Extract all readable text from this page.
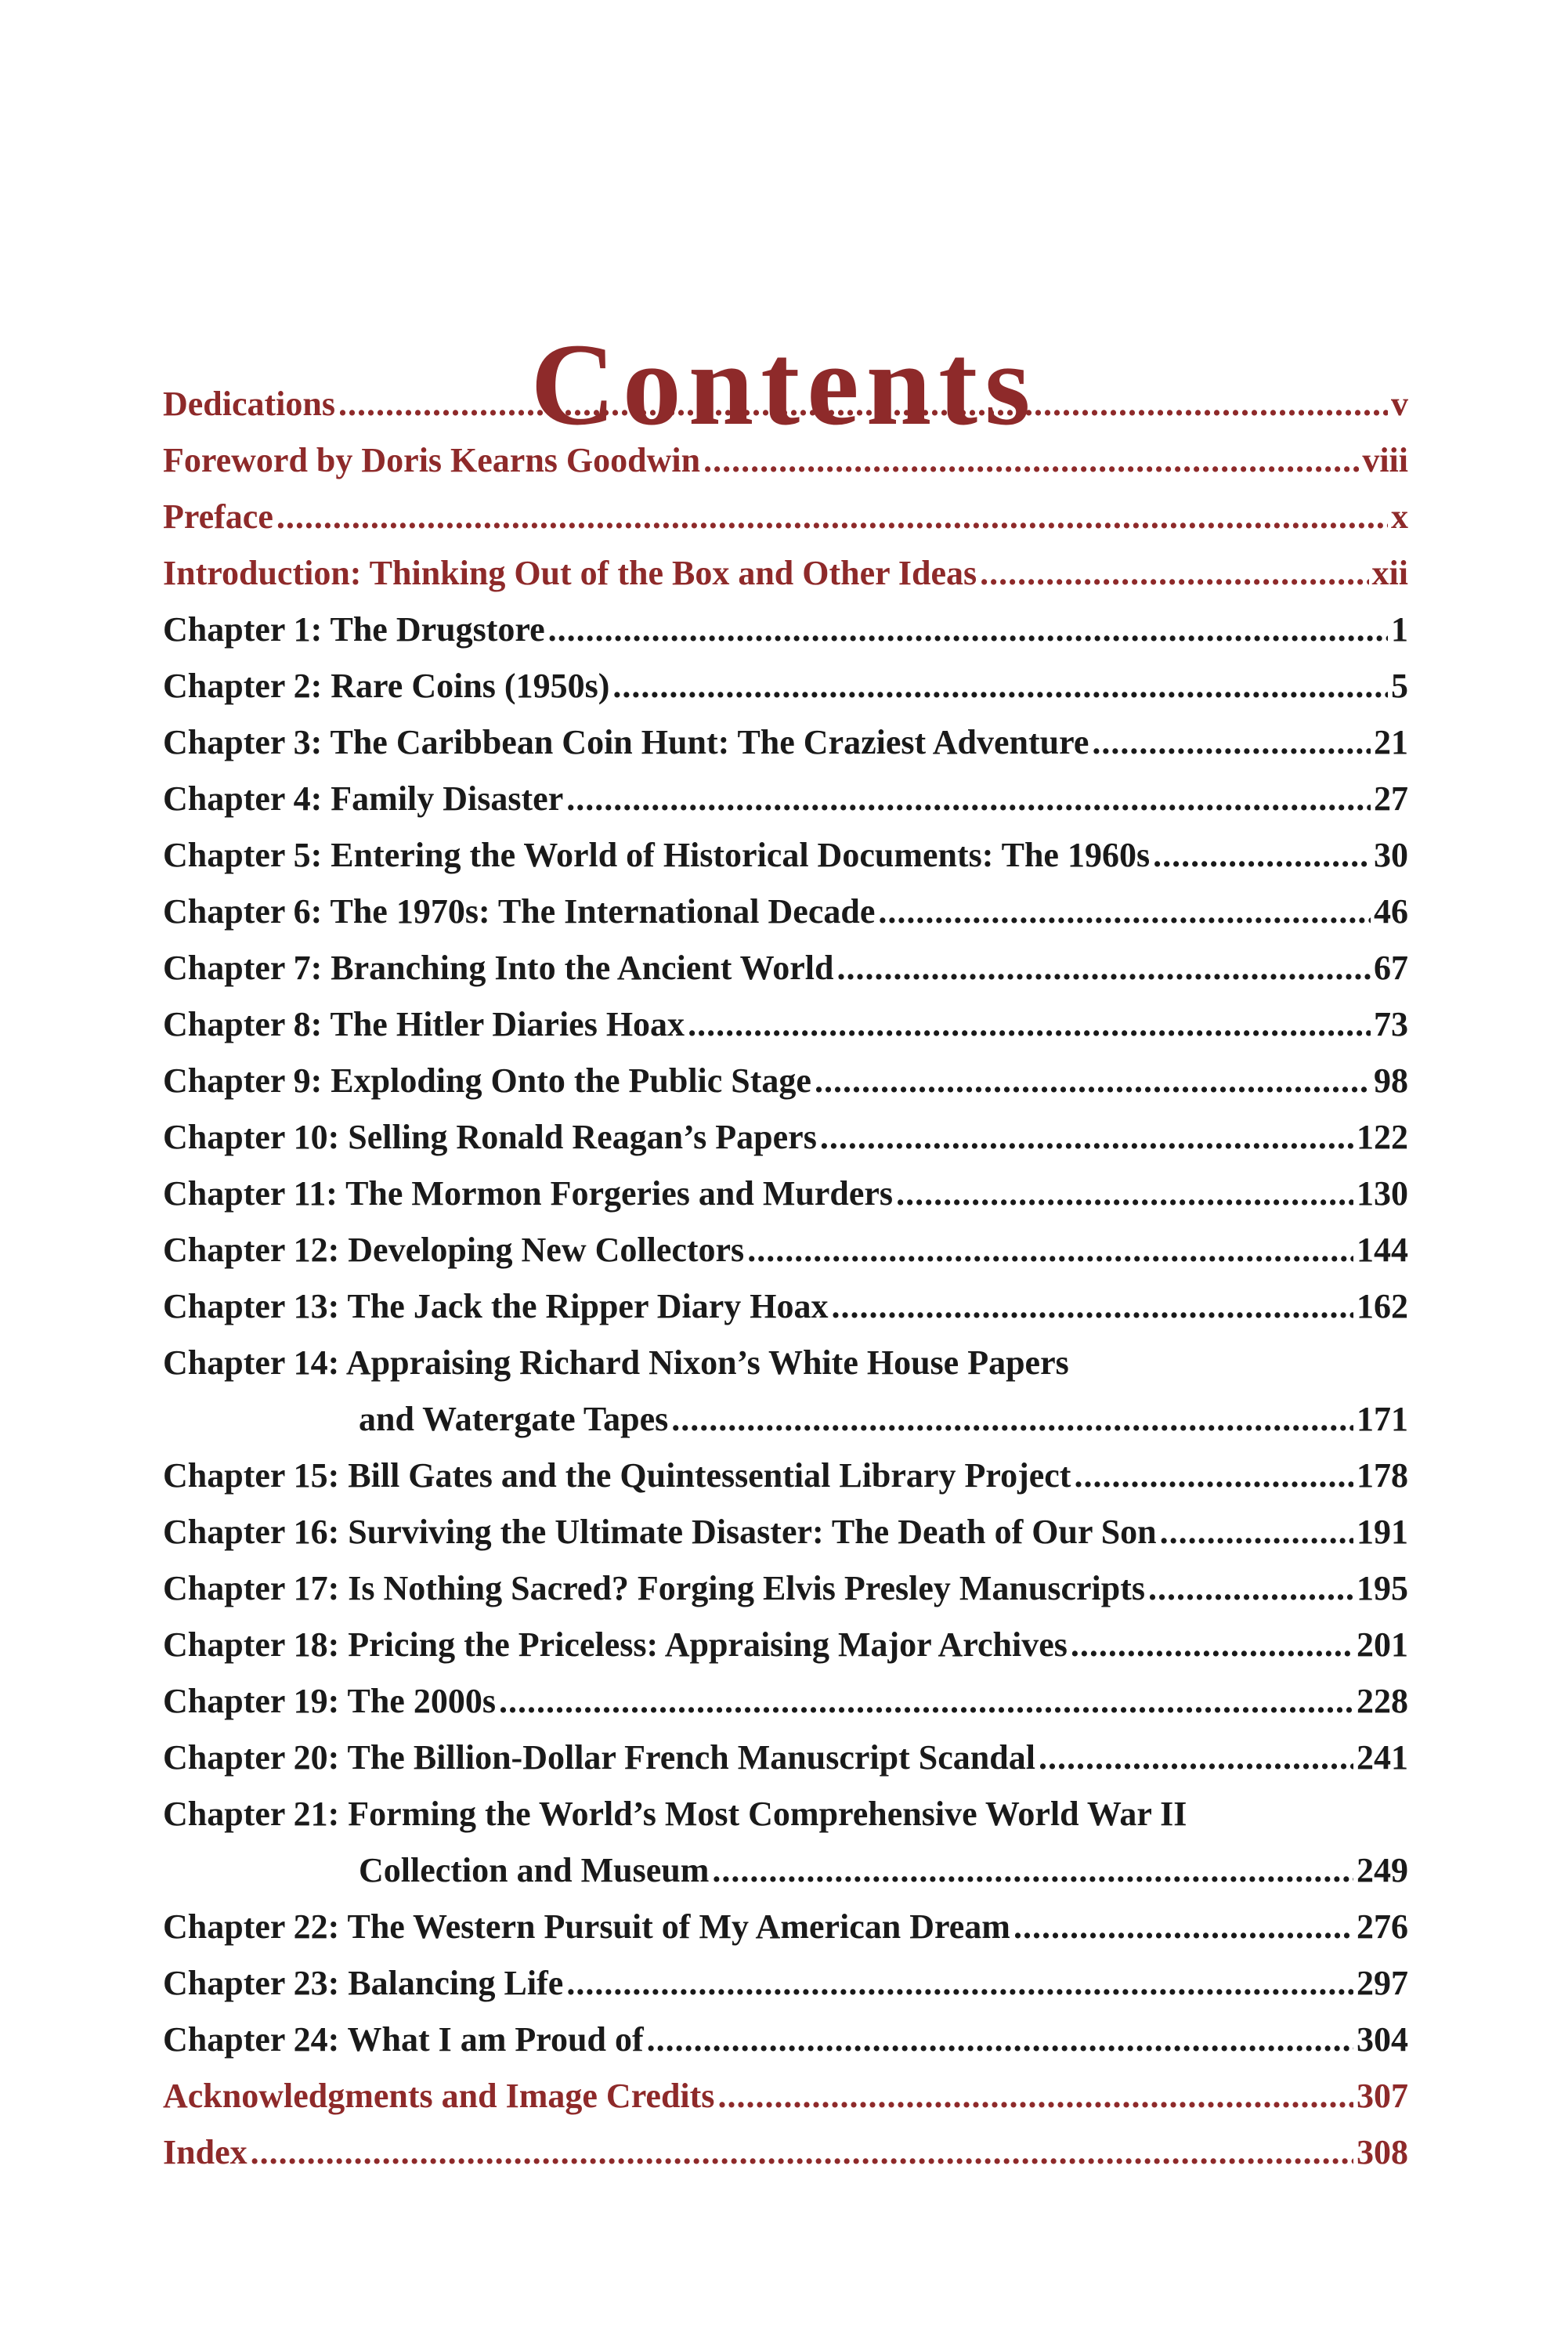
Contents
Dedications .....	v
Foreword by Doris Kearns Goodwin .....	viii
Preface .....	x
Introduction: Thinking Out of the Box and Other Ideas .....	xii
Chapter 1: The Drugstore .....	1
Chapter 2: Rare Coins (1950s) .....	5
Chapter 3: The Caribbean Coin Hunt: The Craziest Adventure .....	21
Chapter 4: Family Disaster .....	27
Chapter 5: Entering the World of Historical Documents: The 1960s .....	30
Chapter 6: The 1970s: The International Decade .....	46
Chapter 7: Branching Into the Ancient World .....	67
Chapter 8: The Hitler Diaries Hoax .....	73
Chapter 9: Exploding Onto the Public Stage .....	98
Chapter 10: Selling Ronald Reagan’s Papers .....	122
Chapter 11: The Mormon Forgeries and Murders .....	130
Chapter 12: Developing New Collectors .....	144
Chapter 13: The Jack the Ripper Diary Hoax .....	162
Chapter 14: Appraising Richard Nixon’s White House Papers
and Watergate Tapes .....	171
Chapter 15: Bill Gates and the Quintessential Library Project .....	178
Chapter 16: Surviving the Ultimate Disaster: The Death of Our Son .....	191
Chapter 17: Is Nothing Sacred? Forging Elvis Presley Manuscripts .....	195
Chapter 18: Pricing the Priceless: Appraising Major Archives .....	201
Chapter 19: The 2000s .....	228
Chapter 20: The Billion-Dollar French Manuscript Scandal .....	241
Chapter 21: Forming the World’s Most Comprehensive World War II
Collection and Museum .....	249
Chapter 22: The Western Pursuit of My American Dream .....	276
Chapter 23: Balancing Life .....	297
Chapter 24: What I am Proud of .....	304
Acknowledgments and Image Credits .....	307
Index .....	308
